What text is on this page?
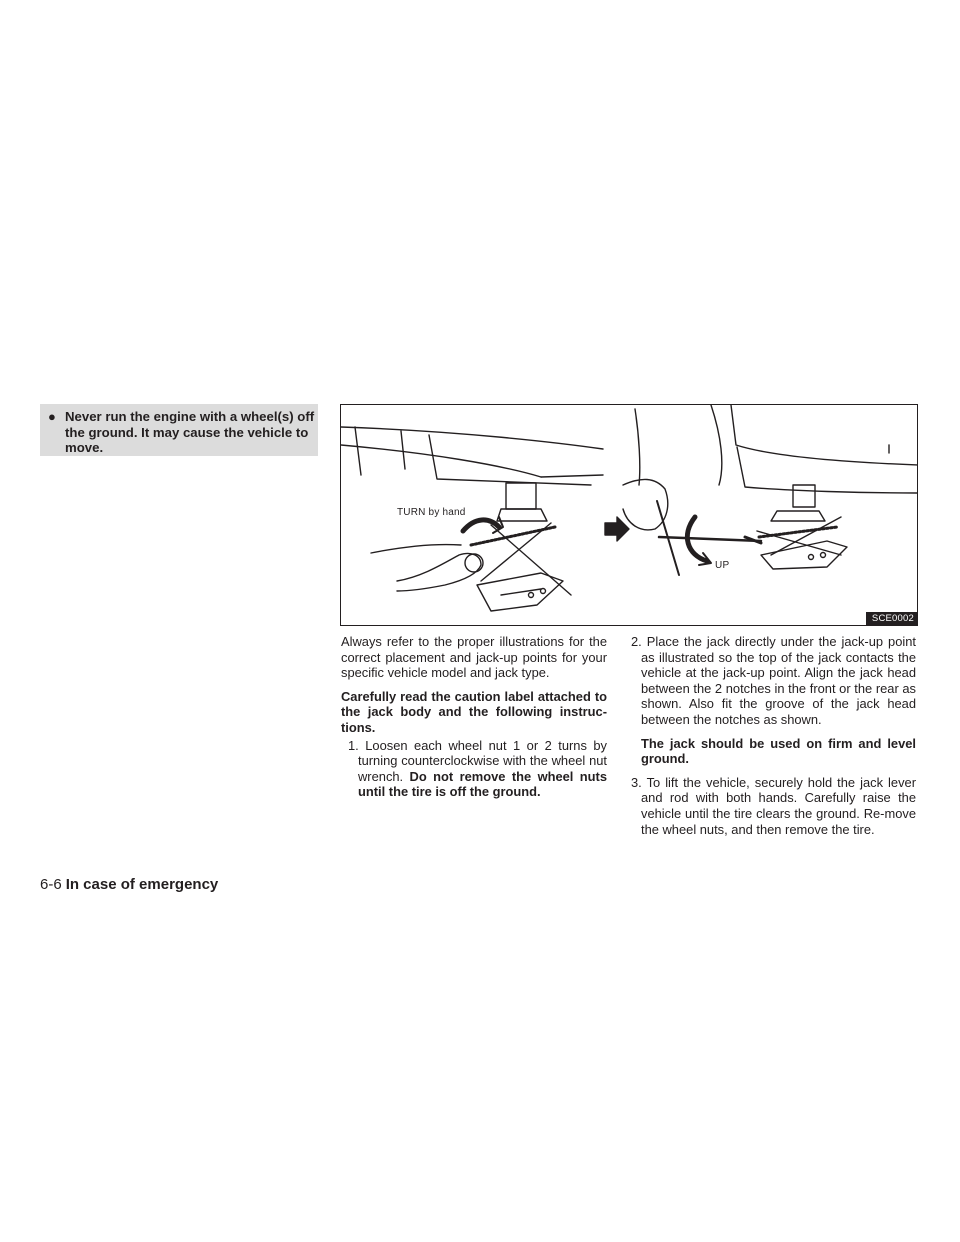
● Never run the engine with a wheel(s) off the ground. It may cause the vehicle to move.
TURN by hand
UP
SCE0002

Always refer to the proper illustrations for the correct placement and jack-up points for your specific vehicle model and jack type.

Carefully read the caution label attached to the jack body and the following instruc-tions.

1. Loosen each wheel nut 1 or 2 turns by turning counterclockwise with the wheel nut wrench. Do not remove the wheel nuts until the tire is off the ground.

2. Place the jack directly under the jack-up point as illustrated so the top of the jack contacts the vehicle at the jack-up point. Align the jack head between the 2 notches in the front or the rear as shown. Also fit the groove of the jack head between the notches as shown.

The jack should be used on firm and level ground.

3. To lift the vehicle, securely hold the jack lever and rod with both hands. Carefully raise the vehicle until the tire clears the ground. Re-move the wheel nuts, and then remove the tire.

6-6 In case of emergency
